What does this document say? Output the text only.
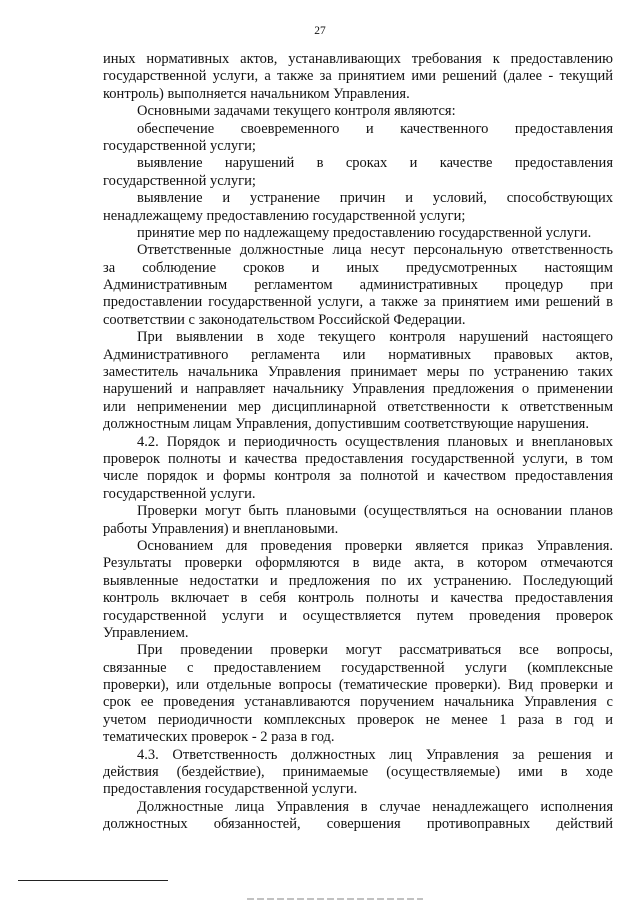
27

иных нормативных актов, устанавливающих требования к предоставлению

государственной услуги, а также за принятием ими решений (далее - текущий

контроль) выполняется начальником Управления.

Основными задачами текущего контроля являются:

обеспечение своевременного и качественного предоставления

государственной услуги;

выявление нарушений в сроках и качестве предоставления

государственной услуги;

выявление и устранение причин и условий, способствующих

ненадлежащему предоставлению государственной услуги;

принятие мер по надлежащему предоставлению государственной услуги.

Ответственные должностные лица несут персональную ответственность

за соблюдение сроков и иных предусмотренных настоящим

Административным регламентом административных процедур при

предоставлении государственной услуги, а также за принятием ими решений в

соответствии с законодательством Российской Федерации.

При выявлении в ходе текущего контроля нарушений настоящего

Административного регламента или нормативных правовых актов,

заместитель начальника Управления принимает меры по устранению таких

нарушений и направляет начальнику Управления предложения о применении

или неприменении мер дисциплинарной ответственности к ответственным

должностным лицам Управления, допустившим соответствующие нарушения.

4.2. Порядок и периодичность осуществления плановых и внеплановых

проверок полноты и качества предоставления государственной услуги, в том

числе порядок и формы контроля за полнотой и качеством предоставления

государственной услуги.

Проверки могут быть плановыми (осуществляться на основании планов

работы Управления) и внеплановыми.

Основанием для проведения проверки является приказ Управления.

Результаты проверки оформляются в виде акта, в котором отмечаются

выявленные недостатки и предложения по их устранению. Последующий

контроль включает в себя контроль полноты и качества предоставления

государственной услуги и осуществляется путем проведения проверок

Управлением.

При проведении проверки могут рассматриваться все вопросы,

связанные с предоставлением государственной услуги (комплексные

проверки), или отдельные вопросы (тематические проверки). Вид проверки и

срок ее проведения устанавливаются поручением начальника Управления с

учетом периодичности комплексных проверок не менее 1 раза в год и

тематических проверок - 2 раза в год.

4.3. Ответственность должностных лиц Управления за решения и

действия (бездействие), принимаемые (осуществляемые) ими в ходе

предоставления государственной услуги.

Должностные лица Управления в случае ненадлежащего исполнения

должностных обязанностей, совершения противоправных действий
